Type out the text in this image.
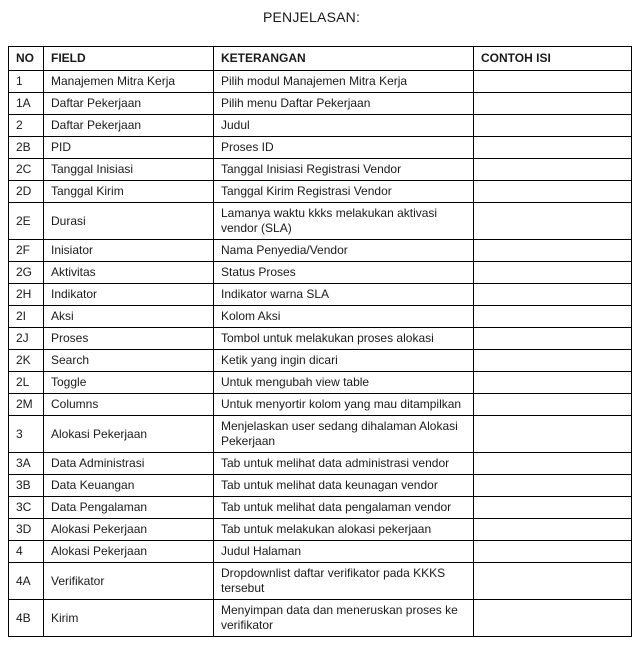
PENJELASAN:
NO	FIELD	KETERANGAN	CONTOH ISI
1	Manajemen Mitra Kerja	Pilih modul Manajemen Mitra Kerja	
1A	Daftar Pekerjaan	Pilih menu Daftar Pekerjaan	
2	Daftar Pekerjaan	Judul	
2B	PID	Proses ID	
2C	Tanggal Inisiasi	Tanggal Inisiasi Registrasi Vendor	
2D	Tanggal Kirim	Tanggal Kirim Registrasi Vendor	
2E	Durasi	Lamanya waktu kkks melakukan aktivasi vendor (SLA)	
2F	Inisiator	Nama Penyedia/Vendor	
2G	Aktivitas	Status Proses	
2H	Indikator	Indikator warna SLA	
2I	Aksi	Kolom Aksi	
2J	Proses	Tombol untuk melakukan proses alokasi	
2K	Search	Ketik yang ingin dicari	
2L	Toggle	Untuk mengubah view table	
2M	Columns	Untuk menyortir kolom yang mau ditampilkan	
3	Alokasi Pekerjaan	Menjelaskan user sedang dihalaman Alokasi Pekerjaan	
3A	Data Administrasi	Tab untuk melihat data administrasi vendor	
3B	Data Keuangan	Tab untuk melihat data keunagan vendor	
3C	Data Pengalaman	Tab untuk melihat data pengalaman vendor	
3D	Alokasi Pekerjaan	Tab untuk melakukan alokasi pekerjaan	
4	Alokasi Pekerjaan	Judul Halaman	
4A	Verifikator	Dropdownlist daftar verifikator pada KKKS tersebut	
4B	Kirim	Menyimpan data dan meneruskan proses ke verifikator	
